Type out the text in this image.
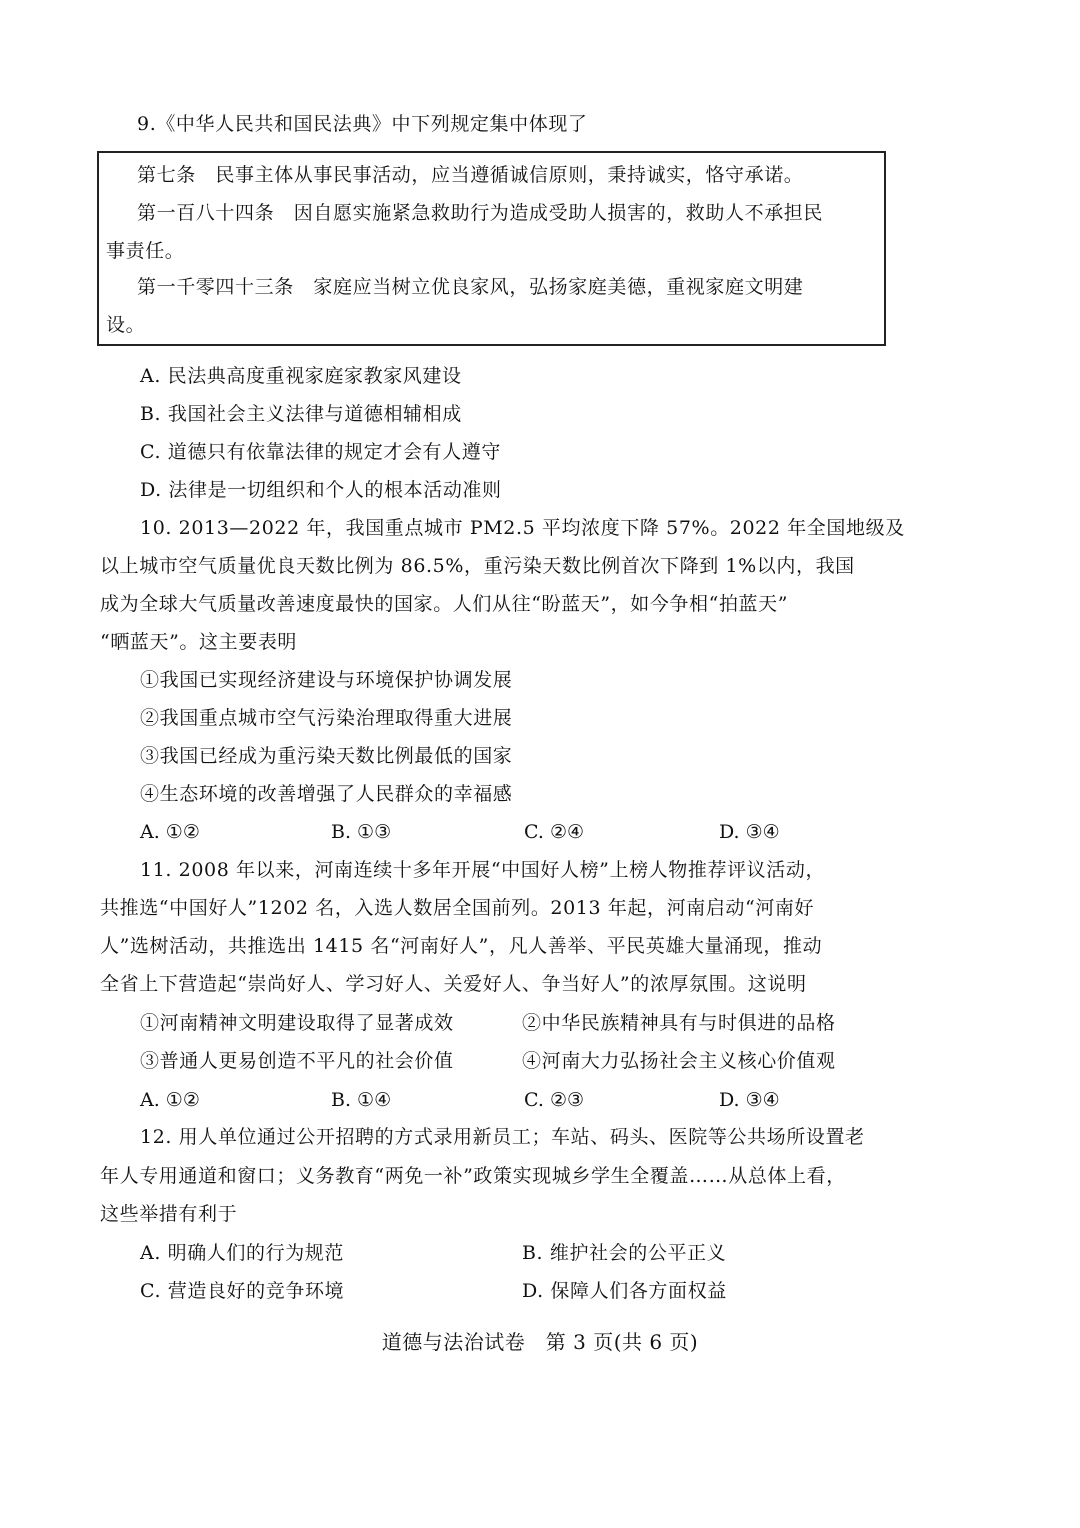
9.《中华人民共和国民法典》中下列规定集中体现了
第七条　民事主体从事民事活动，应当遵循诚信原则，秉持诚实，恪守承诺。
第一百八十四条　因自愿实施紧急救助行为造成受助人损害的，救助人不承担民
事责任。
第一千零四十三条　家庭应当树立优良家风，弘扬家庭美德，重视家庭文明建
设。
A. 民法典高度重视家庭家教家风建设
B. 我国社会主义法律与道德相辅相成
C. 道德只有依靠法律的规定才会有人遵守
D. 法律是一切组织和个人的根本活动准则
10. 2013—2022 年，我国重点城市 PM2.5 平均浓度下降 57%。2022 年全国地级及
以上城市空气质量优良天数比例为 86.5%，重污染天数比例首次下降到 1%以内，我国
成为全球大气质量改善速度最快的国家。人们从往“盼蓝天”，如今争相“拍蓝天”
“晒蓝天”。这主要表明
①我国已实现经济建设与环境保护协调发展
②我国重点城市空气污染治理取得重大进展
③我国已经成为重污染天数比例最低的国家
④生态环境的改善增强了人民群众的幸福感
A. ①②	B. ①③	C. ②④	D. ③④
11. 2008 年以来，河南连续十多年开展“中国好人榜”上榜人物推荐评议活动，
共推选“中国好人”1202 名，入选人数居全国前列。2013 年起，河南启动“河南好
人”选树活动，共推选出 1415 名“河南好人”，凡人善举、平民英雄大量涌现，推动
全省上下营造起“崇尚好人、学习好人、关爱好人、争当好人”的浓厚氛围。这说明
①河南精神文明建设取得了显著成效	②中华民族精神具有与时俱进的品格
③普通人更易创造不平凡的社会价值	④河南大力弘扬社会主义核心价值观
A. ①②	B. ①④	C. ②③	D. ③④
12. 用人单位通过公开招聘的方式录用新员工；车站、码头、医院等公共场所设置老
年人专用通道和窗口；义务教育“两免一补”政策实现城乡学生全覆盖……从总体上看，
这些举措有利于
A. 明确人们的行为规范	B. 维护社会的公平正义
C. 营造良好的竞争环境	D. 保障人们各方面权益
道德与法治试卷　第 3 页(共 6 页)
